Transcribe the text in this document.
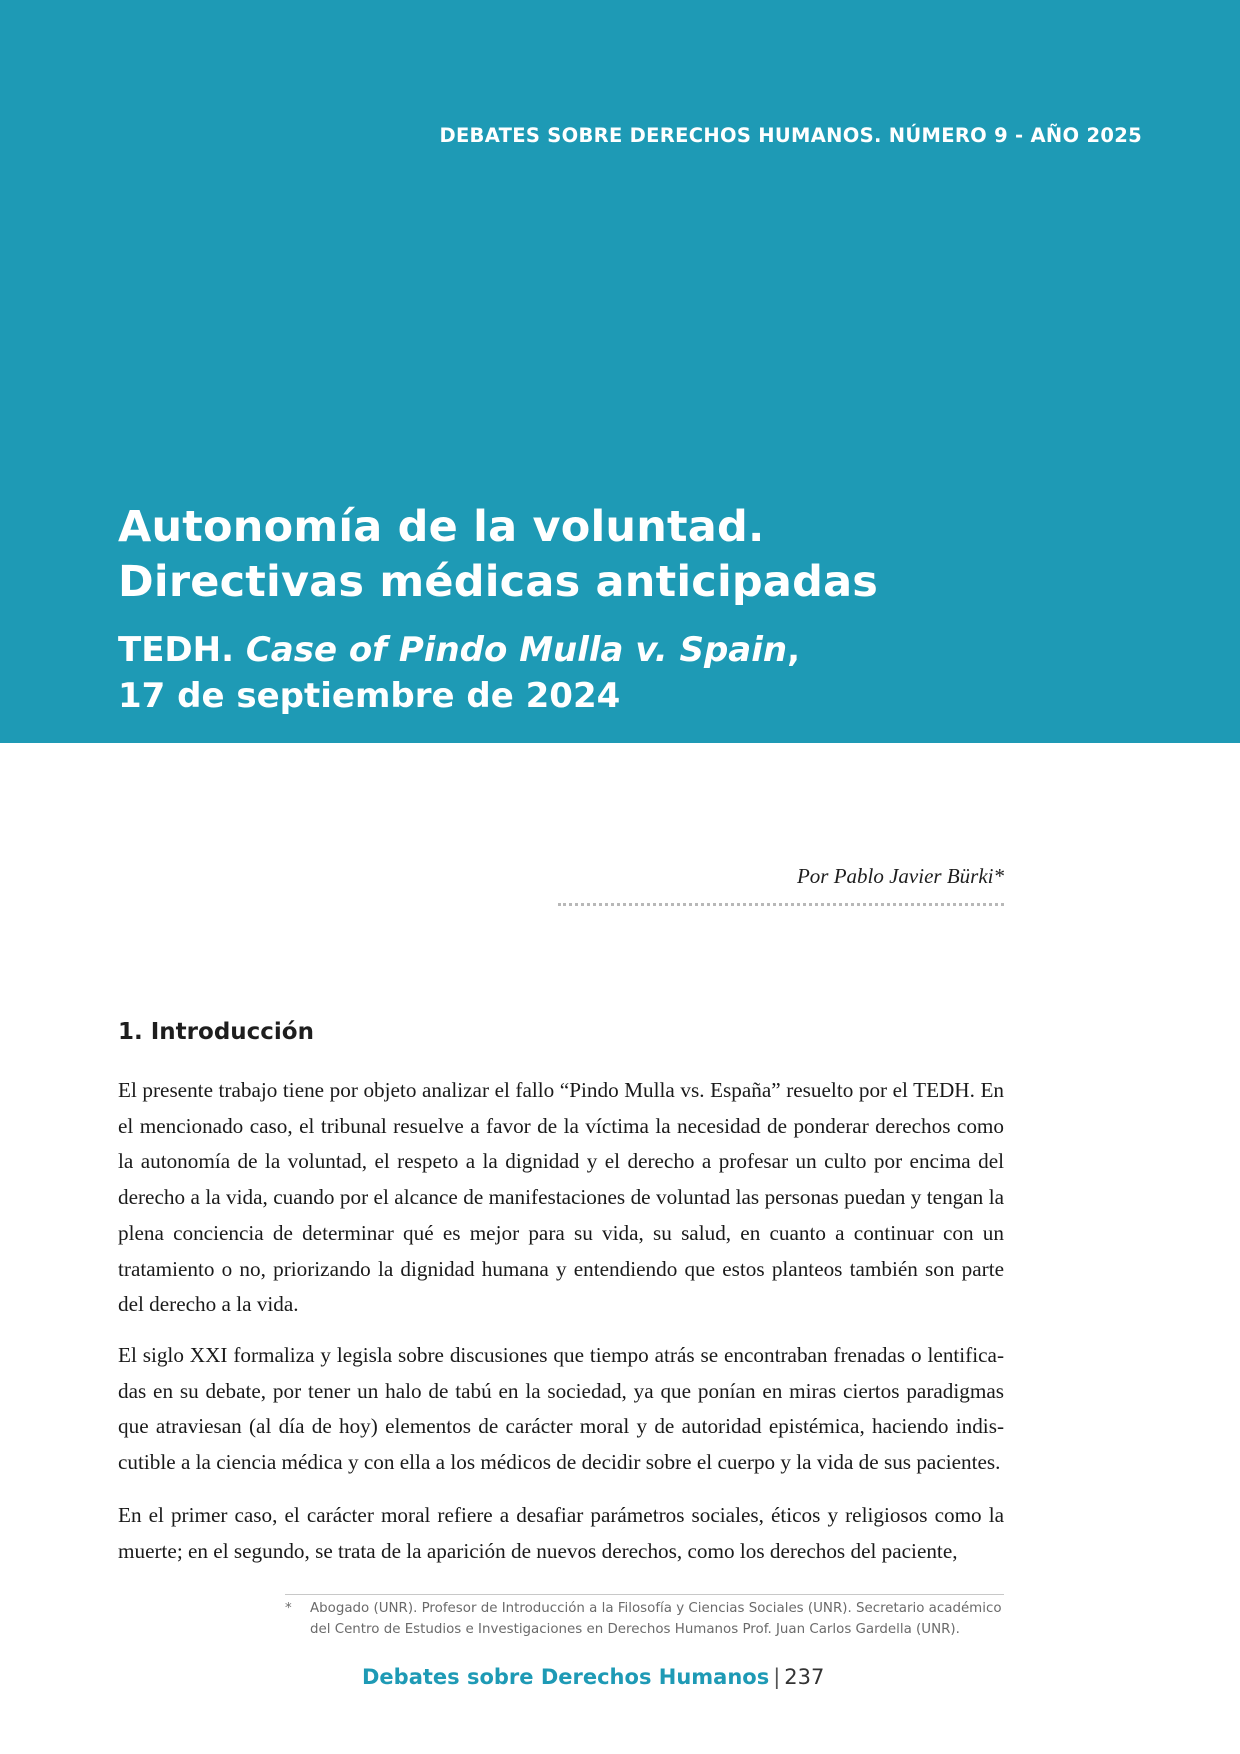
DEBATES SOBRE DERECHOS HUMANOS. NÚMERO 9 - AÑO 2025
Autonomía de la voluntad.
Directivas médicas anticipadas
TEDH. Case of Pindo Mulla v. Spain,
17 de septiembre de 2024
Por Pablo Javier Bürki*
1. Introducción

El presente trabajo tiene por objeto analizar el fallo “Pindo Mulla vs. España” resuelto por el TEDH. En el mencionado caso, el tribunal resuelve a favor de la víctima la necesidad de ponderar derechos como la autonomía de la voluntad, el respeto a la dignidad y el derecho a profesar un culto por encima del derecho a la vida, cuando por el alcance de manifestaciones de voluntad las personas puedan y tengan la plena conciencia de determinar qué es mejor para su vida, su salud, en cuanto a continuar con un tratamiento o no, priorizando la dignidad humana y entendiendo que estos planteos también son parte del derecho a la vida.

El siglo XXI formaliza y legisla sobre discusiones que tiempo atrás se encontraban frenadas o lentificadas en su debate, por tener un halo de tabú en la sociedad, ya que ponían en miras ciertos paradigmas que atraviesan (al día de hoy) elementos de carácter moral y de autoridad epistémica, haciendo indiscutible a la ciencia médica y con ella a los médicos de decidir sobre el cuerpo y la vida de sus pacientes.

En el primer caso, el carácter moral refiere a desafiar parámetros sociales, éticos y religiosos como la muerte; en el segundo, se trata de la aparición de nuevos derechos, como los derechos del paciente,

*	Abogado (UNR). Profesor de Introducción a la Filosofía y Ciencias Sociales (UNR). Secretario académico del Centro de Estudios e Investigaciones en Derechos Humanos Prof. Juan Carlos Gardella (UNR).
Debates sobre Derechos Humanos | 237
